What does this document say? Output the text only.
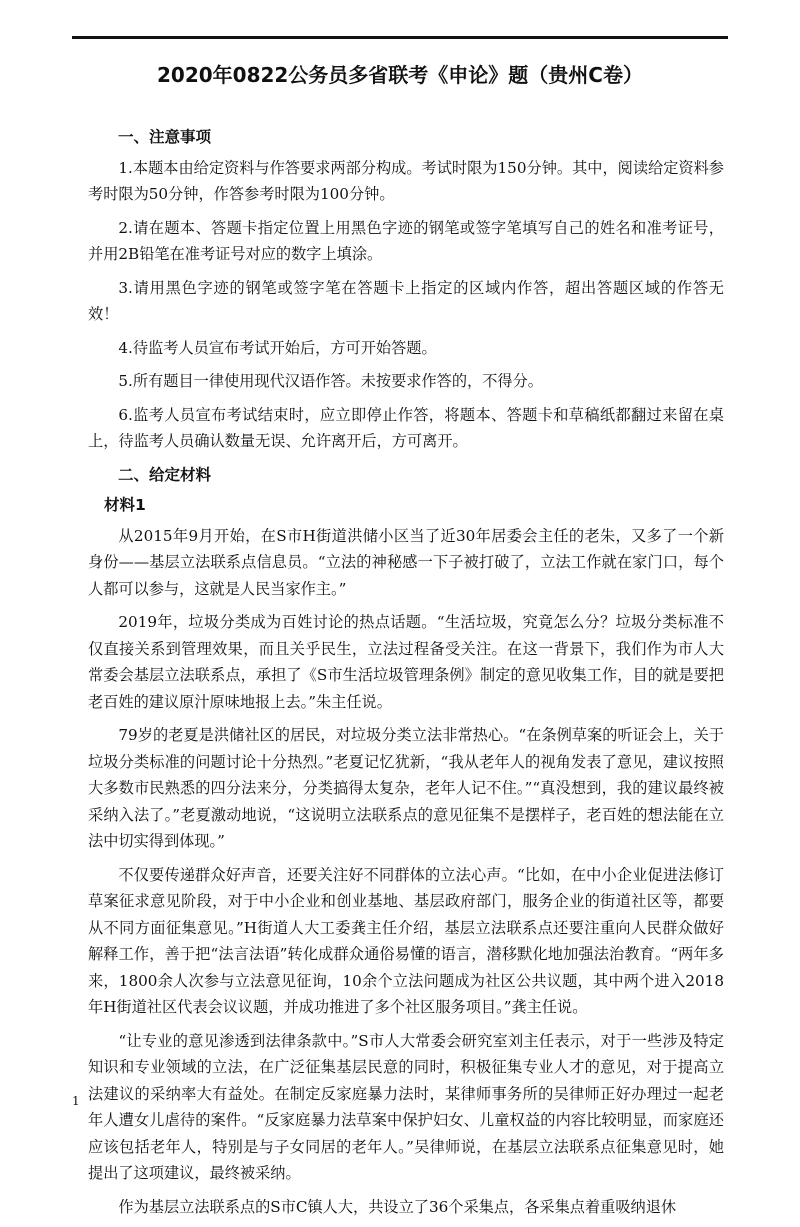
2020年0822公务员多省联考《申论》题（贵州C卷）

一、注意事项

1.本题本由给定资料与作答要求两部分构成。考试时限为150分钟。其中，阅读给定资料参考时限为50分钟，作答参考时限为100分钟。

2.请在题本、答题卡指定位置上用黑色字迹的钢笔或签字笔填写自己的姓名和准考证号，并用2B铅笔在准考证号对应的数字上填涂。

3.请用黑色字迹的钢笔或签字笔在答题卡上指定的区域内作答，超出答题区域的作答无效！

4.待监考人员宣布考试开始后，方可开始答题。

5.所有题目一律使用现代汉语作答。未按要求作答的，不得分。

6.监考人员宣布考试结束时，应立即停止作答，将题本、答题卡和草稿纸都翻过来留在桌上，待监考人员确认数量无误、允许离开后，方可离开。

二、给定材料

材料1

从2015年9月开始，在S市H街道洪储小区当了近30年居委会主任的老朱，又多了一个新身份——基层立法联系点信息员。“立法的神秘感一下子被打破了，立法工作就在家门口，每个人都可以参与，这就是人民当家作主。”

2019年，垃圾分类成为百姓讨论的热点话题。“生活垃圾，究竟怎么分？垃圾分类标准不仅直接关系到管理效果，而且关乎民生，立法过程备受关注。在这一背景下，我们作为市人大常委会基层立法联系点，承担了《S市生活垃圾管理条例》制定的意见收集工作，目的就是要把老百姓的建议原汁原味地报上去。”朱主任说。

79岁的老夏是洪储社区的居民，对垃圾分类立法非常热心。“在条例草案的听证会上，关于垃圾分类标准的问题讨论十分热烈。”老夏记忆犹新，“我从老年人的视角发表了意见，建议按照大多数市民熟悉的四分法来分，分类搞得太复杂，老年人记不住。”“真没想到，我的建议最终被采纳入法了。”老夏激动地说，“这说明立法联系点的意见征集不是摆样子，老百姓的想法能在立法中切实得到体现。”

不仅要传递群众好声音，还要关注好不同群体的立法心声。“比如，在中小企业促进法修订草案征求意见阶段，对于中小企业和创业基地、基层政府部门，服务企业的街道社区等，都要从不同方面征集意见。”H街道人大工委龚主任介绍，基层立法联系点还要注重向人民群众做好解释工作，善于把“法言法语”转化成群众通俗易懂的语言，潜移默化地加强法治教育。“两年多来，1800余人次参与立法意见征询，10余个立法问题成为社区公共议题，其中两个进入2018年H街道社区代表会议议题，并成功推进了多个社区服务项目。”龚主任说。

“让专业的意见渗透到法律条款中。”S市人大常委会研究室刘主任表示，对于一些涉及特定知识和专业领域的立法，在广泛征集基层民意的同时，积极征集专业人才的意见，对于提高立法建议的采纳率大有益处。在制定反家庭暴力法时，某律师事务所的吴律师正好办理过一起老年人遭女儿虐待的案件。“反家庭暴力法草案中保护妇女、儿童权益的内容比较明显，而家庭还应该包括老年人，特别是与子女同居的老年人。”吴律师说，在基层立法联系点征集意见时，她提出了这项建议，最终被采纳。

作为基层立法联系点的S市C镇人大，共设立了36个采集点，各采集点着重吸纳退休

1
